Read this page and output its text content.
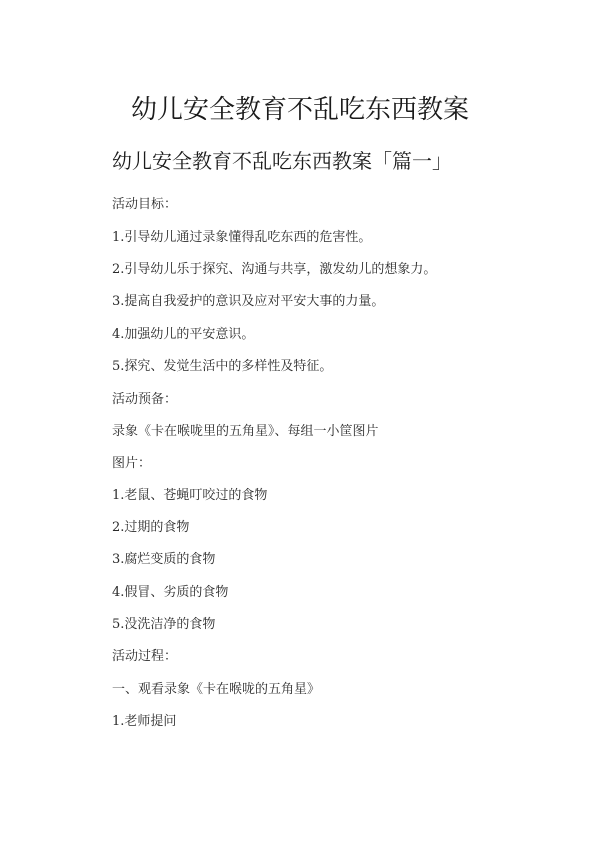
幼儿安全教育不乱吃东西教案
幼儿安全教育不乱吃东西教案「篇一」

活动目标：

1.引导幼儿通过录象懂得乱吃东西的危害性。

2.引导幼儿乐于探究、沟通与共享，激发幼儿的想象力。

3.提高自我爱护的意识及应对平安大事的力量。

4.加强幼儿的平安意识。

5.探究、发觉生活中的多样性及特征。

活动预备：

录象《卡在喉咙里的五角星》、每组一小筐图片

图片：

1.老鼠、苍蝇叮咬过的食物

2.过期的食物

3.腐烂变质的食物

4.假冒、劣质的食物

5.没洗洁净的食物

活动过程：

一、观看录象《卡在喉咙的五角星》

1.老师提问
